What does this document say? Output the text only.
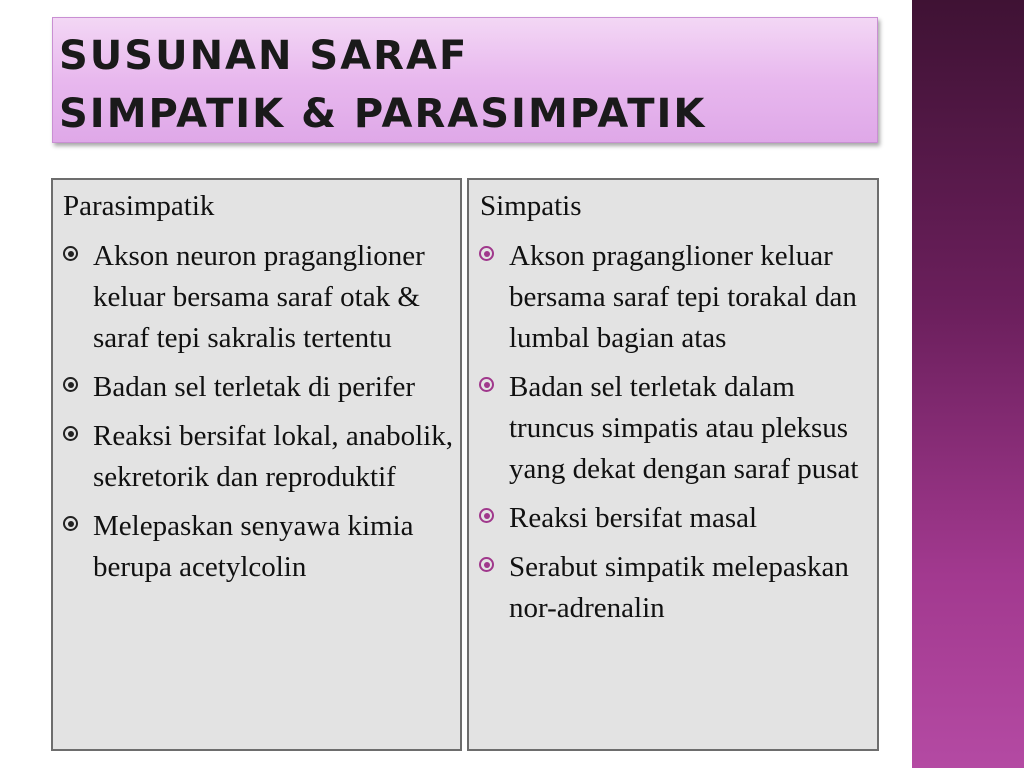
SUSUNAN SARAF
SIMPATIK & PARASIMPATIK
Parasimpatik
Akson neuron praganglioner keluar bersama saraf otak & saraf tepi sakralis tertentu
Badan sel terletak di perifer
Reaksi bersifat lokal, anabolik, sekretorik dan reproduktif
Melepaskan senyawa kimia berupa acetylcolin
Simpatis
Akson praganglioner keluar bersama saraf tepi torakal dan lumbal bagian atas
Badan sel terletak dalam truncus simpatis atau pleksus yang dekat dengan saraf pusat
Reaksi bersifat masal
Serabut simpatik melepaskan nor-adrenalin
